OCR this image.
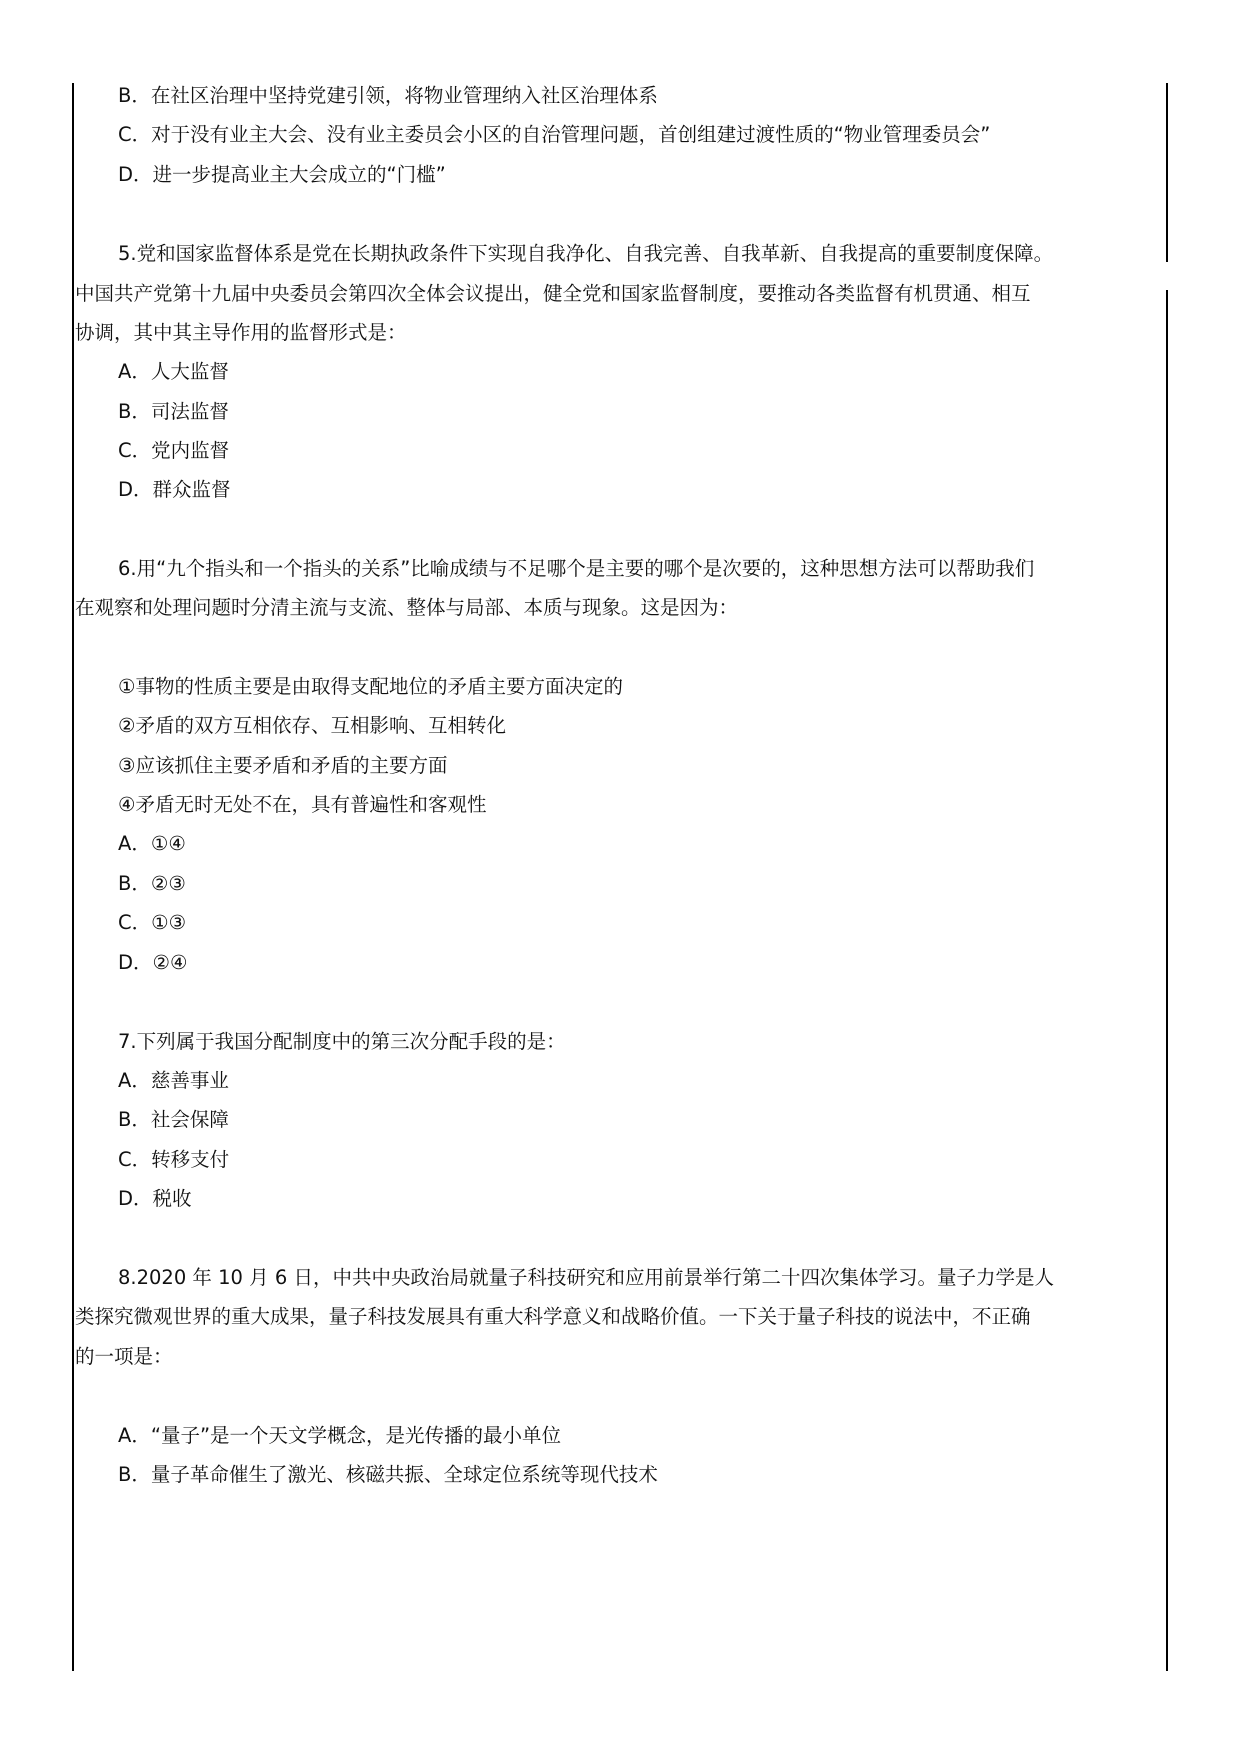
B．在社区治理中坚持党建引领，将物业管理纳入社区治理体系
C．对于没有业主大会、没有业主委员会小区的自治管理问题，首创组建过渡性质的“物业管理委员会”
D．进一步提高业主大会成立的“门槛”
5.党和国家监督体系是党在长期执政条件下实现自我净化、自我完善、自我革新、自我提高的重要制度保障。
中国共产党第十九届中央委员会第四次全体会议提出，健全党和国家监督制度，要推动各类监督有机贯通、相互
协调，其中其主导作用的监督形式是：
A．人大监督
B．司法监督
C．党内监督
D．群众监督
6.用“九个指头和一个指头的关系”比喻成绩与不足哪个是主要的哪个是次要的，这种思想方法可以帮助我们
在观察和处理问题时分清主流与支流、整体与局部、本质与现象。这是因为：
①事物的性质主要是由取得支配地位的矛盾主要方面决定的
②矛盾的双方互相依存、互相影响、互相转化
③应该抓住主要矛盾和矛盾的主要方面
④矛盾无时无处不在，具有普遍性和客观性
A．①④
B．②③
C．①③
D．②④
7.下列属于我国分配制度中的第三次分配手段的是：
A．慈善事业
B．社会保障
C．转移支付
D．税收
8.2020 年 10 月 6 日，中共中央政治局就量子科技研究和应用前景举行第二十四次集体学习。量子力学是人
类探究微观世界的重大成果，量子科技发展具有重大科学意义和战略价值。一下关于量子科技的说法中，不正确
的一项是：
A．“量子”是一个天文学概念，是光传播的最小单位
B．量子革命催生了激光、核磁共振、全球定位系统等现代技术
